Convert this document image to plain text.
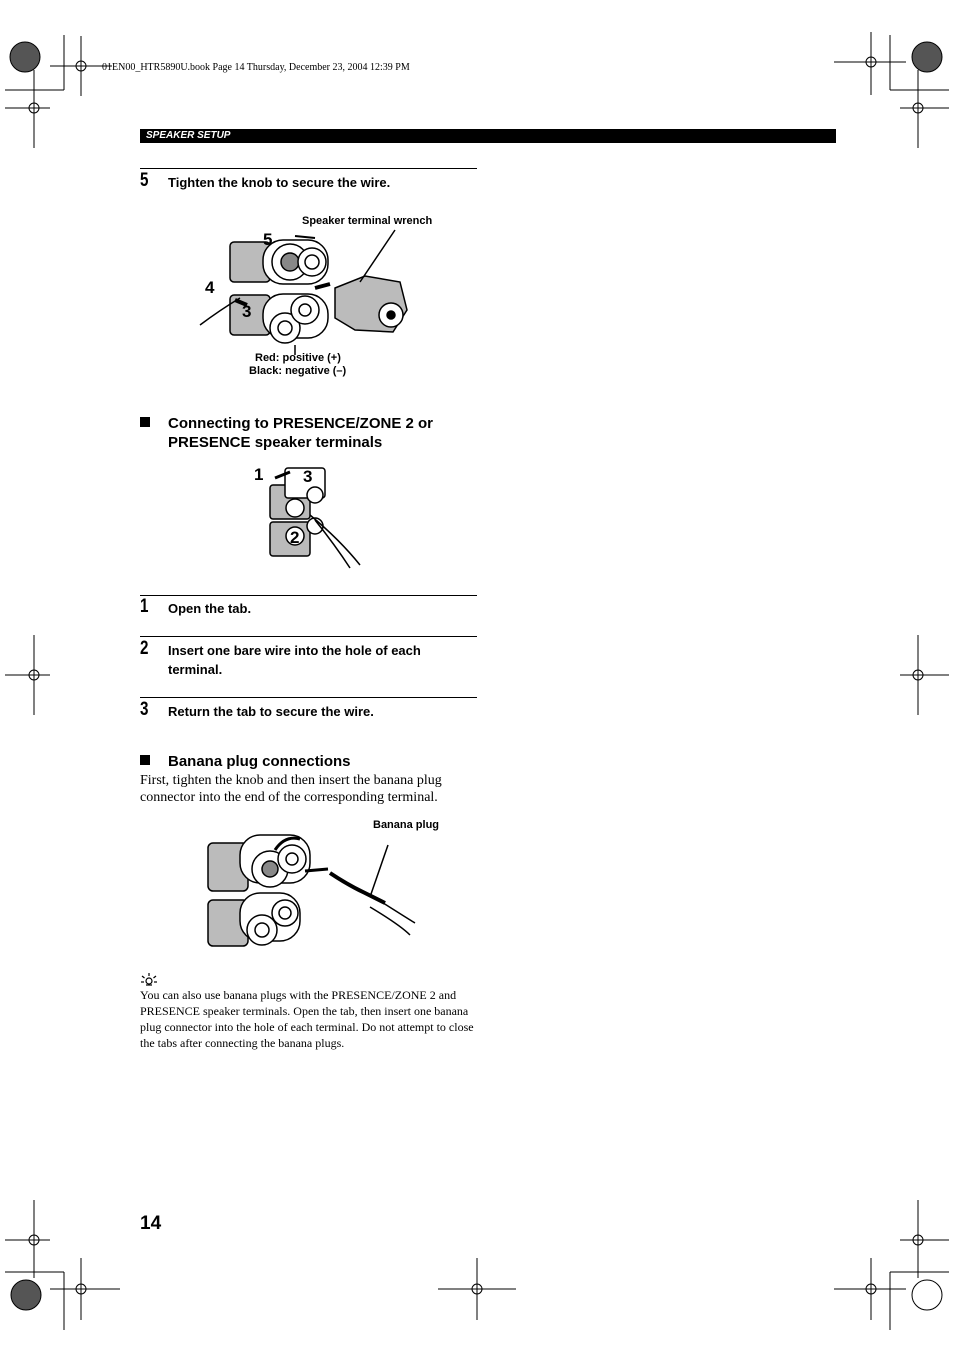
01EN00_HTR5890U.book Page 14 Thursday, December 23, 2004 12:39 PM
SPEAKER SETUP
5 Tighten the knob to secure the wire.
5
4
3
Speaker terminal wrench
Red: positive (+)
Black: negative (–)
Connecting to PRESENCE/ZONE 2 or PRESENCE speaker terminals
1 3
2
1 Open the tab.
2 Insert one bare wire into the hole of each terminal.
3 Return the tab to secure the wire.
Banana plug connections
First, tighten the knob and then insert the banana plug connector into the end of the corresponding terminal.
Banana plug
You can also use banana plugs with the PRESENCE/ZONE 2 and PRESENCE speaker terminals. Open the tab, then insert one banana plug connector into the hole of each terminal. Do not attempt to close the tabs after connecting the banana plugs.
14
